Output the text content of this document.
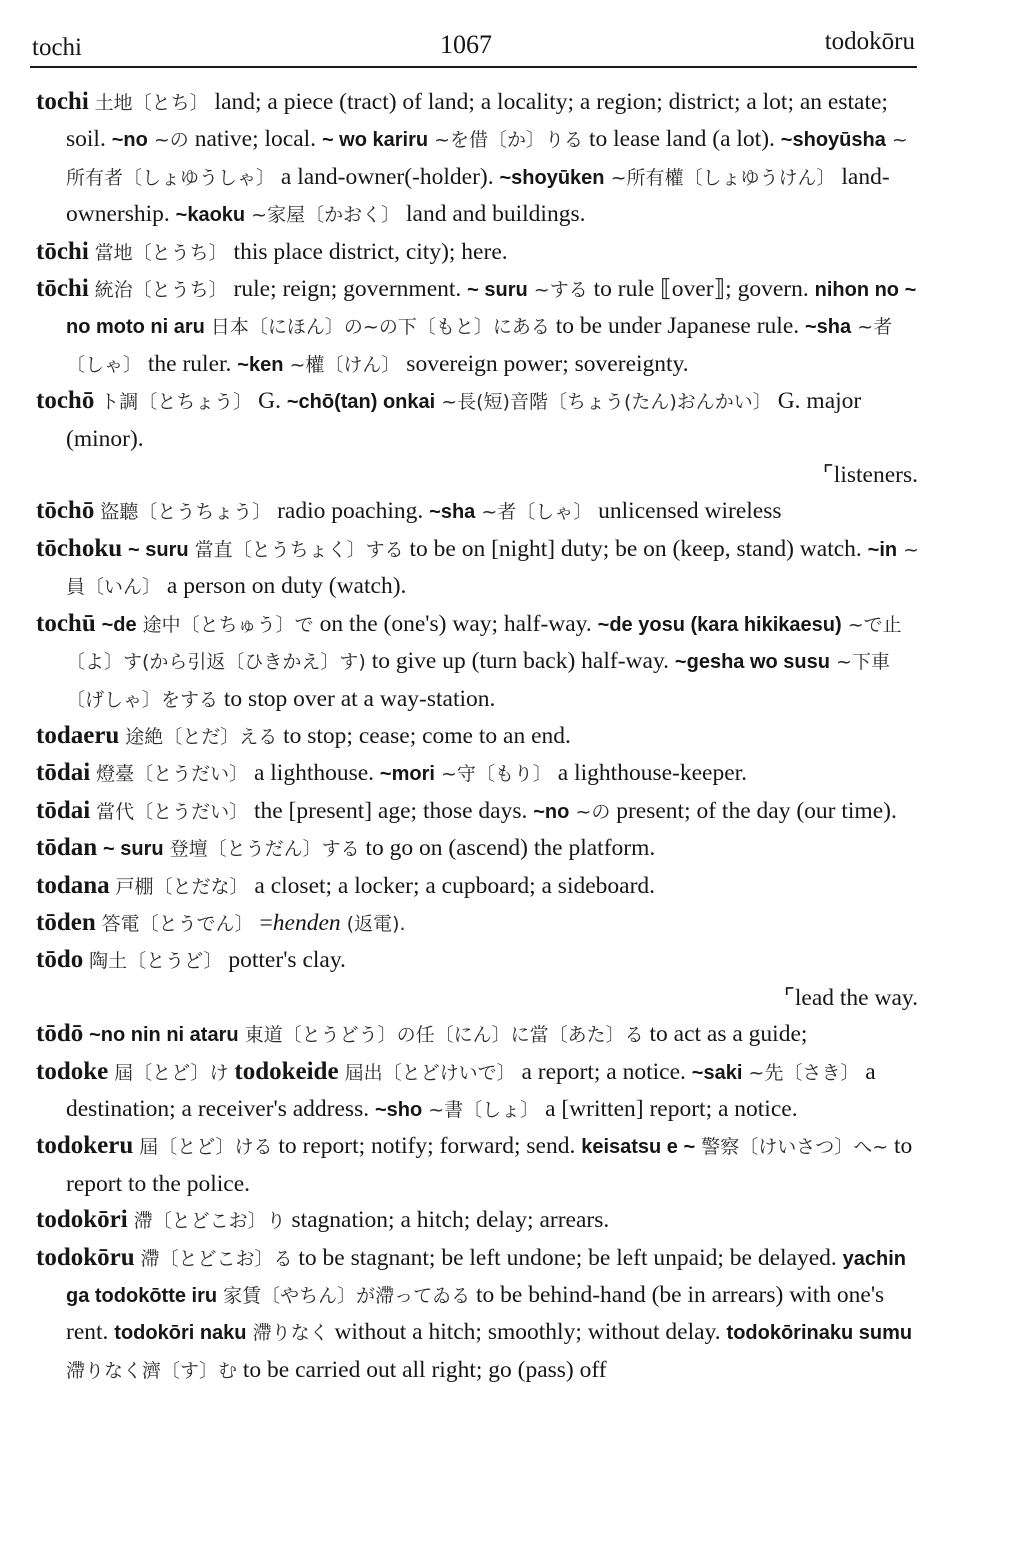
tochi	1067	todokōru
tochi 土地〔とち〕 land; a piece (tract) of land; a locality; a region; district; a lot; an estate; soil. ~no ~の native; local. ~ wo kariru ~を借〔か〕りる to lease land (a lot). ~shoyūsha ~所有者〔しょゆうしゃ〕 a land-owner(-holder). ~shoyūken ~所有權〔しょゆうけん〕 land-ownership. ~kaoku ~家屋〔かおく〕 land and buildings.
tōchi 當地〔とうち〕 this place district, city); here.
tōchi 統治〔とうち〕 rule; reign; government. ~ suru ~する to rule ⟦over⟧; govern. nihon no ~ no moto ni aru 日本〔にほん〕の~の下〔もと〕にある to be under Japanese rule. ~sha ~者〔しゃ〕 the ruler. ~ken ~權〔けん〕 sovereign power; sovereignty.
tochō ト調〔とちょう〕 G. ~chō(tan) onkai ~長(短)音階〔ちょう(たん)おんかい〕 G. major (minor).
⌜listeners.
tōchō 盜聽〔とうちょう〕 radio poaching. ~sha ~者〔しゃ〕 unlicensed wireless
tōchoku ~ suru 當直〔とうちょく〕する to be on [night] duty; be on (keep, stand) watch. ~in ~員〔いん〕 a person on duty (watch).
tochū ~de 途中〔とちゅう〕で on the (one's) way; half-way. ~de yosu (kara hikikaesu) ~で止〔よ〕す(から引返〔ひきかえ〕す) to give up (turn back) half-way. ~gesha wo susu ~下車〔げしゃ〕をする to stop over at a way-station.
todaeru 途絶〔とだ〕える to stop; cease; come to an end.
tōdai 燈臺〔とうだい〕 a lighthouse. ~mori ~守〔もり〕 a lighthouse-keeper.
tōdai 當代〔とうだい〕 the [present] age; those days. ~no ~の present; of the day (our time).
tōdan ~ suru 登壇〔とうだん〕する to go on (ascend) the platform.
todana 戸棚〔とだな〕 a closet; a locker; a cupboard; a sideboard.
tōden 答電〔とうでん〕 =henden (返電).
tōdo 陶土〔とうど〕 potter's clay.
⌜lead the way.
tōdō ~no nin ni ataru 東道〔とうどう〕の任〔にん〕に當〔あた〕る to act as a guide;
todoke 屆〔とど〕け todokeide 屆出〔とどけいで〕 a report; a notice. ~saki ~先〔さき〕 a destination; a receiver's address. ~sho ~書〔しょ〕 a [written] report; a notice.
todokeru 屆〔とど〕ける to report; notify; forward; send. keisatsu e ~ 警察〔けいさつ〕へ~ to report to the police.
todokōri 滯〔とどこお〕り stagnation; a hitch; delay; arrears.
todokōru 滯〔とどこお〕る to be stagnant; be left undone; be left unpaid; be delayed. yachin ga todokōtte iru 家賃〔やちん〕が滯ってゐる to be behind-hand (be in arrears) with one's rent. todokōri naku 滯りなく without a hitch; smoothly; without delay. todokōrinaku sumu 滯りなく濟〔す〕む to be carried out all right; go (pass) off
